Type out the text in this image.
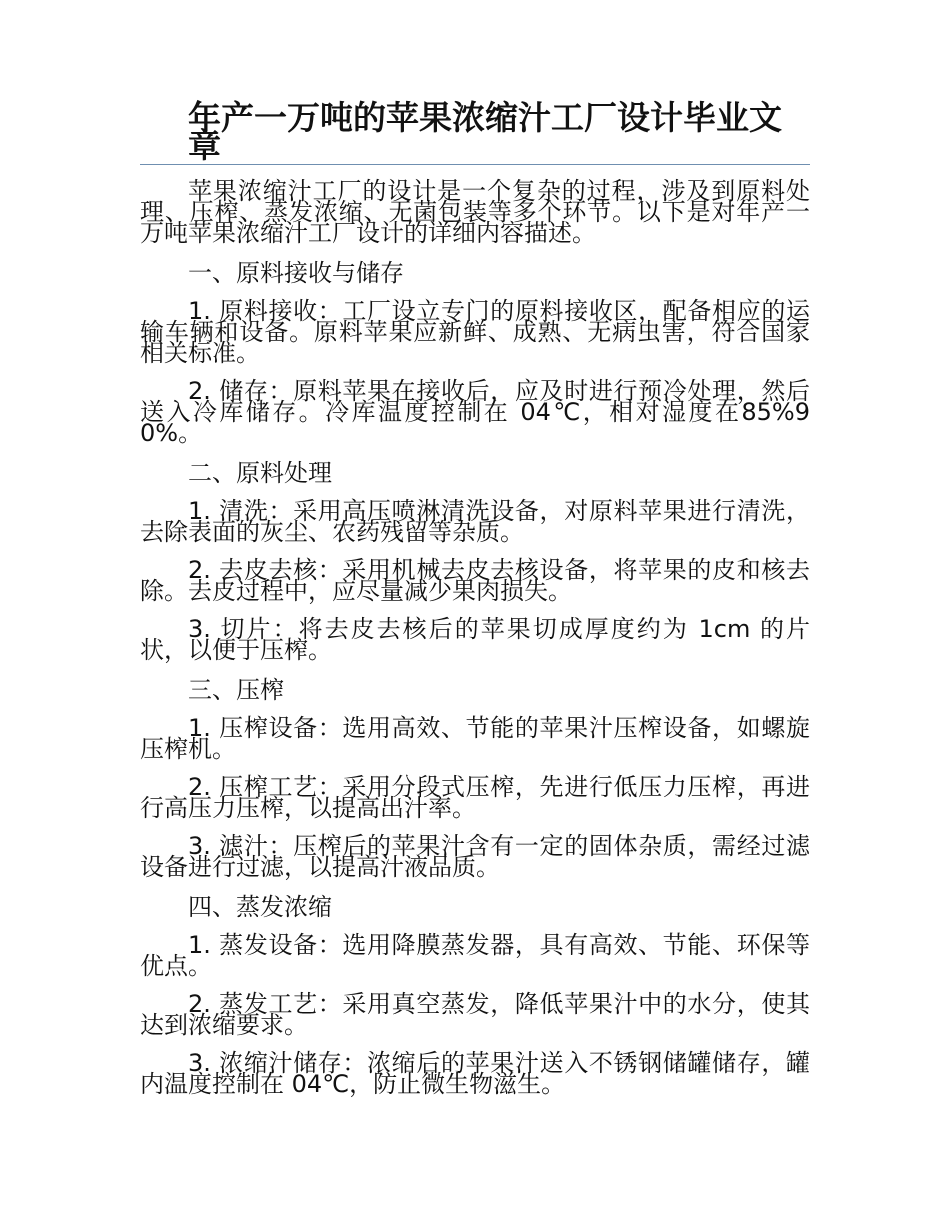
年产一万吨的苹果浓缩汁工厂设计毕业文章

苹果浓缩汁工厂的设计是一个复杂的过程，涉及到原料处理、压榨、蒸发浓缩、无菌包装等多个环节。以下是对年产一万吨苹果浓缩汁工厂设计的详细内容描述。

一、原料接收与储存

1. 原料接收：工厂设立专门的原料接收区，配备相应的运输车辆和设备。原料苹果应新鲜、成熟、无病虫害，符合国家相关标准。

2. 储存：原料苹果在接收后，应及时进行预冷处理，然后送入冷库储存。冷库温度控制在 04℃，相对湿度在85%90%。

二、原料处理

1. 清洗：采用高压喷淋清洗设备，对原料苹果进行清洗，去除表面的灰尘、农药残留等杂质。

2. 去皮去核：采用机械去皮去核设备，将苹果的皮和核去除。去皮过程中，应尽量减少果肉损失。

3. 切片：将去皮去核后的苹果切成厚度约为 1cm 的片状，以便于压榨。

三、压榨

1. 压榨设备：选用高效、节能的苹果汁压榨设备，如螺旋压榨机。

2. 压榨工艺：采用分段式压榨，先进行低压力压榨，再进行高压力压榨，以提高出汁率。

3. 滤汁：压榨后的苹果汁含有一定的固体杂质，需经过滤设备进行过滤，以提高汁液品质。

四、蒸发浓缩

1. 蒸发设备：选用降膜蒸发器，具有高效、节能、环保等优点。

2. 蒸发工艺：采用真空蒸发，降低苹果汁中的水分，使其达到浓缩要求。

3. 浓缩汁储存：浓缩后的苹果汁送入不锈钢储罐储存，罐内温度控制在 04℃，防止微生物滋生。
